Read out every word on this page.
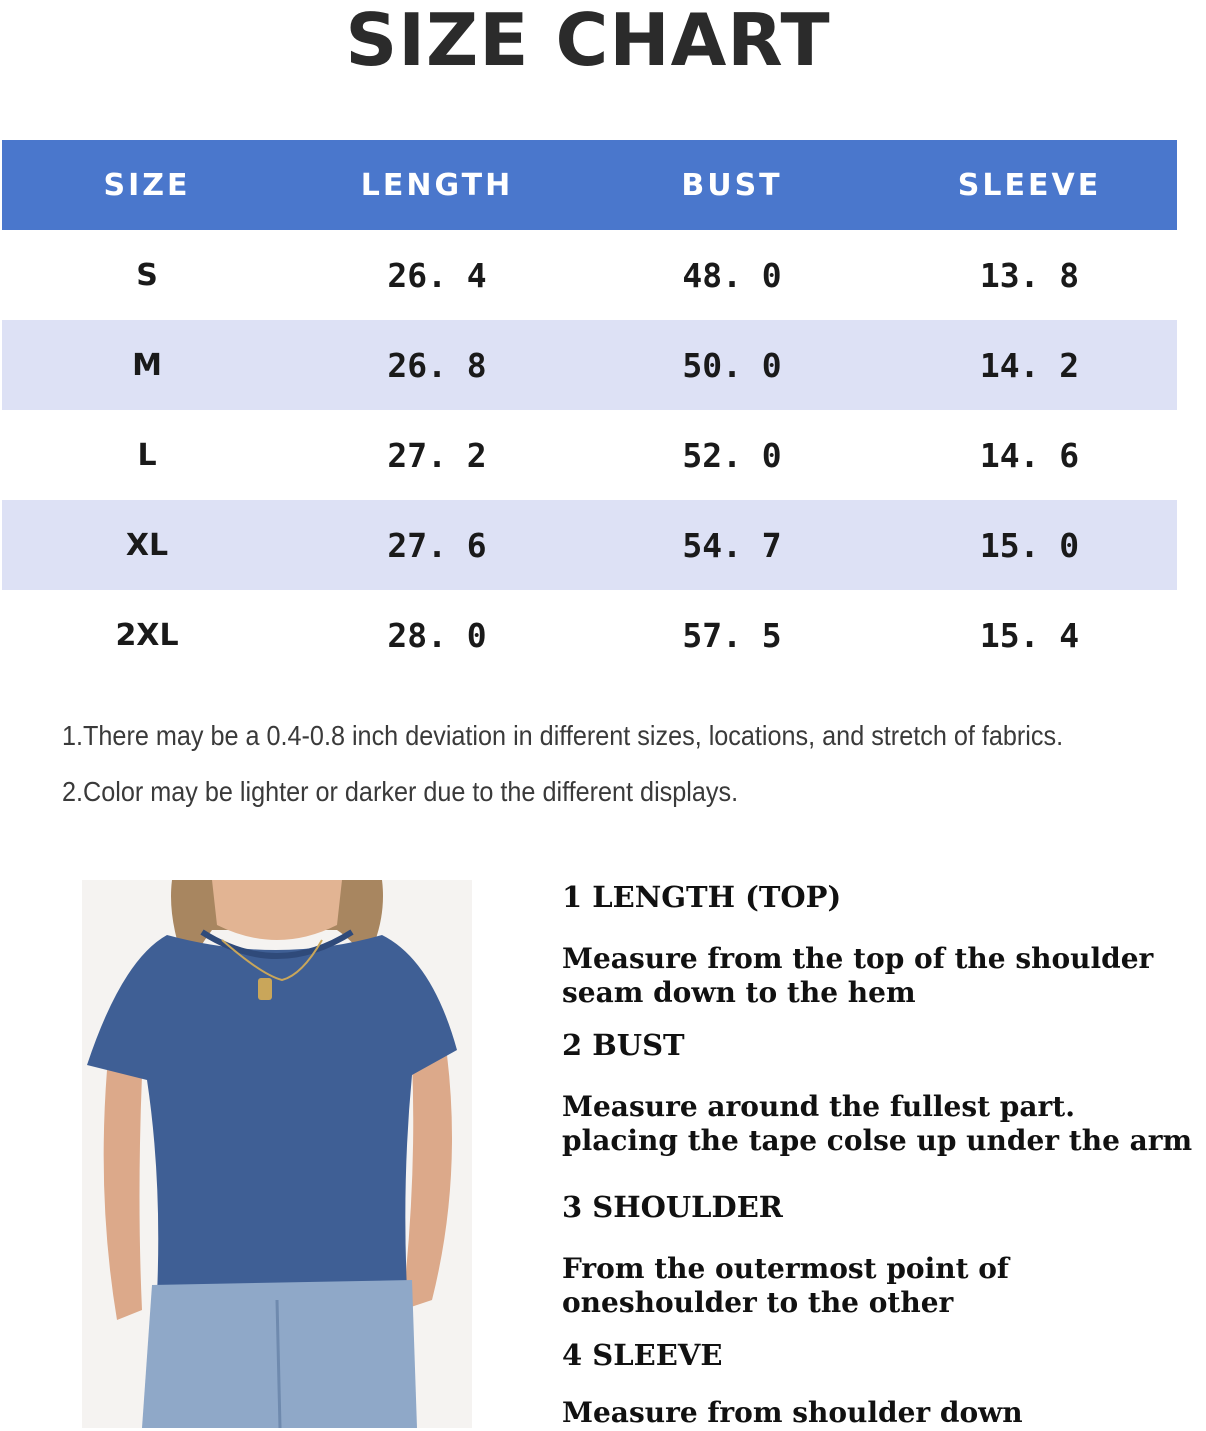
SIZE CHART
SIZE	LENGTH	BUST	SLEEVE
S	26. 4	48. 0	13. 8
M	26. 8	50. 0	14. 2
L	27. 2	52. 0	14. 6
XL	27. 6	54. 7	15. 0
2XL	28. 0	57. 5	15. 4

1.There may be a 0.4-0.8 inch deviation in different sizes, locations, and stretch of fabrics.

2.Color may be lighter or darker due to the different displays.

1 LENGTH (TOP)

Measure from the top of the shoulder

seam down to the hem

2 BUST

Measure around the fullest part.

placing the tape colse up under the arm

3 SHOULDER

From the outermost point of

oneshoulder to the other

4 SLEEVE

Measure from shoulder down
